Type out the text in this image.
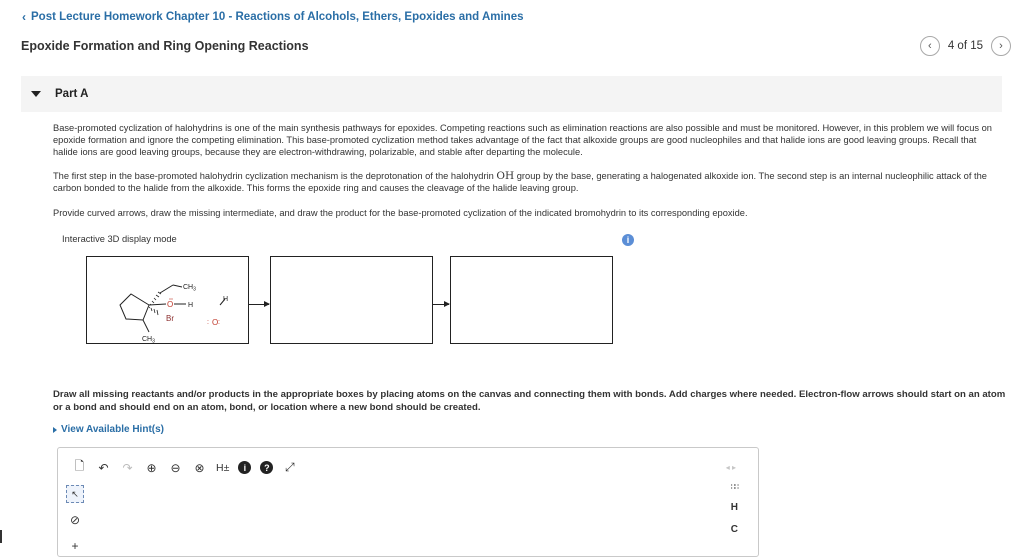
‹ Post Lecture Homework Chapter 10 - Reactions of Alcohols, Ethers, Epoxides and Amines
Epoxide Formation and Ring Opening Reactions	‹ 4 of 15 ›
Part A
Base-promoted cyclization of halohydrins is one of the main synthesis pathways for epoxides. Competing reactions such as elimination reactions are also possible and must be monitored. However, in this problem we will focus on epoxide formation and ignore the competing elimination. This base-promoted cyclization method takes advantage of the fact that alkoxide groups are good nucleophiles and that halide ions are good leaving groups. Recall that halide ions are good leaving groups, because they are electron-withdrawing, polarizable, and stable after departing the molecule.
The first step in the base-promoted halohydrin cyclization mechanism is the deprotonation of the halohydrin OH group by the base, generating a halogenated alkoxide ion. The second step is an internal nucleophilic attack of the carbon bonded to the halide from the alkoxide. This forms the epoxide ring and causes the cleavage of the halide leaving group.
Provide curved arrows, draw the missing intermediate, and draw the product for the base-promoted cyclization of the indicated bromohydrin to its corresponding epoxide.
Interactive 3D display mode	i
$CH_3$
O H
Br
$CH_3$
H
O
: :
Draw all missing reactants and/or products in the appropriate boxes by placing atoms on the canvas and connecting them with bonds. Add charges where needed. Electron-flow arrows should start on an atom or a bond and should end on an atom, bond, or location where a new bond should be created.
View Available Hint(s)
🗋 ↶ ↷ ⊕ ⊖ ⊗ H±	i	?	⤢	◂ ▸
↖
⊘
+
∷∷
H
C
